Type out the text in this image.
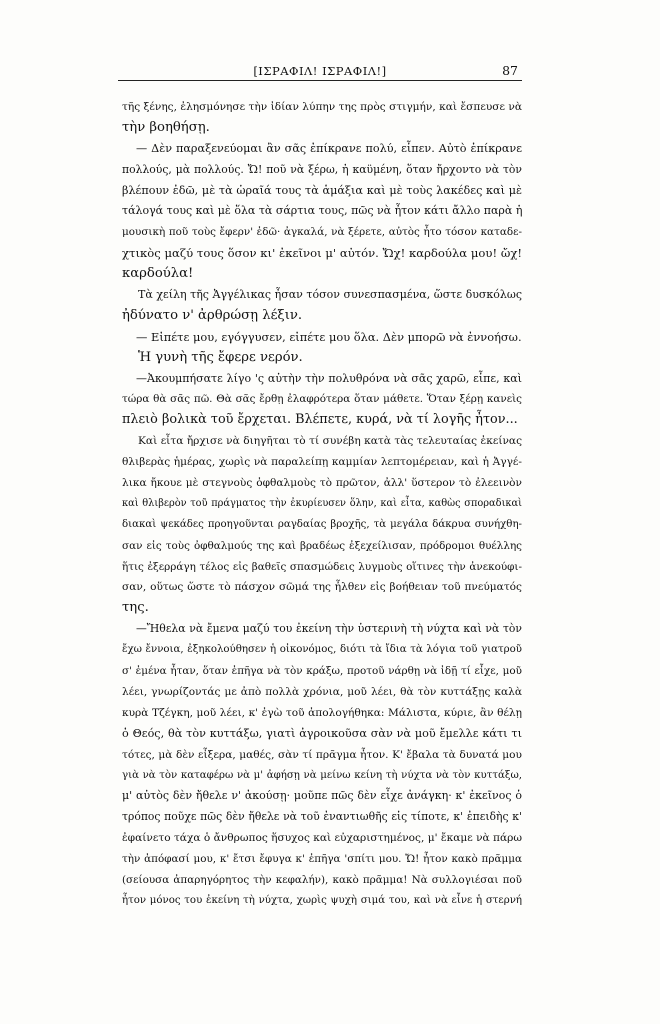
[ΙΣΡΑΦΙΛ! ΙΣΡΑΦΙΛ!]	87
τῆς ξένης, ἐλησμόνησε τὴν ἰδίαν λύπην της πρὸς στιγμήν, καὶ ἔσπευσε νὰ
τὴν βοηθήσῃ.
— Δὲν παραξενεύομαι ἂν σᾶς ἐπίκρανε πολύ, εἶπεν. Αὐτὸ ἐπίκρανε
πολλούς, μὰ πολλούς. Ὤ! ποῦ νὰ ξέρω, ἡ καϋμένη, ὅταν ἤρχοντο νὰ τὸν
βλέπουν ἐδῶ, μὲ τὰ ὡραῖά τους τὰ ἁμάξια καὶ μὲ τοὺς λακέδες καὶ μὲ
τάλογά τους καὶ μὲ ὅλα τὰ σάρτια τους, πῶς νὰ ἦτον κάτι ἄλλο παρὰ ἡ
μουσικὴ ποῦ τοὺς ἔφερν' ἐδῶ· ἀγκαλά, νὰ ξέρετε, αὐτὸς ἦτο τόσον καταδε-
χτικὸς μαζύ τους ὅσον κι' ἐκεῖνοι μ' αὐτόν. Ὤχ! καρδούλα μου! ὤχ!
καρδούλα!
Τὰ χείλη τῆς Ἀγγέλικας ἦσαν τόσον συνεσπασμένα, ὥστε δυσκόλως
ἠδύνατο ν' ἀρθρώσῃ λέξιν.
— Εἰπέτε μου, εγόγγυσεν, εἰπέτε μου ὅλα. Δὲν μπορῶ νὰ ἐννοήσω.
Ἡ γυνὴ τῆς ἔφερε νερόν.
—Ἀκουμπήσατε λίγο 'ς αὐτὴν τὴν πολυθρόνα νὰ σᾶς χαρῶ, εἶπε, καὶ
τώρα θὰ σᾶς πῶ. Θὰ σᾶς ἔρθῃ ἐλαφρότερα ὅταν μάθετε. Ὅταν ξέρῃ κανεὶς
πλειὸ βολικὰ τοῦ ἔρχεται. Βλέπετε, κυρά, νὰ τί λογῆς ἦτον...
Καὶ εἶτα ἤρχισε νὰ διηγῆται τὸ τί συνέβη κατὰ τὰς τελευταίας ἐκείνας
θλιβερὰς ἡμέρας, χωρὶς νὰ παραλείπῃ καμμίαν λεπτομέρειαν, καὶ ἡ Ἀγγέ-
λικα ἤκουε μὲ στεγνοὺς ὀφθαλμοὺς τὸ πρῶτον, ἀλλ' ὕστερον τὸ ἐλεεινὸν
καὶ θλιβερὸν τοῦ πράγματος τὴν ἐκυρίευσεν ὅλην, καὶ εἶτα, καθὼς σποραδικαὶ
διακαὶ ψεκάδες προηγοῦνται ραγδαίας βροχῆς, τὰ μεγάλα δάκρυα συνήχθη-
σαν εἰς τοὺς ὀφθαλμούς της καὶ βραδέως ἐξεχείλισαν, πρόδρομοι θυέλλης
ἥτις ἐξερράγη τέλος εἰς βαθεῖς σπασμώδεις λυγμοὺς οἵτινες τὴν ἀνεκούφι-
σαν, οὕτως ὥστε τὸ πάσχον σῶμά της ἦλθεν εἰς βοήθειαν τοῦ πνεύματός
της.
—Ἤθελα νὰ ἔμενα μαζύ του ἐκείνη τὴν ὑστερινὴ τὴ νύχτα καὶ νὰ τὸν
ἔχω ἔννοια, ἐξηκολούθησεν ἡ οἰκονόμος, διότι τὰ ἴδια τὰ λόγια τοῦ γιατροῦ
σ' ἐμένα ἦταν, ὅταν ἐπῆγα νὰ τὸν κράξω, προτοῦ νάρθῃ νὰ ἰδῇ τί εἶχε, μοῦ
λέει, γνωρίζοντάς με ἀπὸ πολλὰ χρόνια, μοῦ λέει, θὰ τὸν κυττάξῃς καλὰ
κυρὰ Τζέγκη, μοῦ λέει, κ' ἐγὼ τοῦ ἀπολογήθηκα: Μάλιστα, κύριε, ἂν θέλῃ
ὁ Θεός, θὰ τὸν κυττάξω, γιατὶ ἀγροικοῦσα σὰν νὰ μοῦ ἔμελλε κάτι τι
τότες, μὰ δὲν εἶξερα, μαθές, σὰν τί πρᾶγμα ἦτον. Κ' ἔβαλα τὰ δυνατά μου
γιὰ νὰ τὸν καταφέρω νὰ μ' ἀφήσῃ νὰ μείνω κείνη τὴ νύχτα νὰ τὸν κυττάξω,
μ' αὐτὸς δὲν ἤθελε ν' ἀκούσῃ· μοῦπε πῶς δὲν εἶχε ἀνάγκη· κ' ἐκεῖνος ὁ
τρόπος ποῦχε πῶς δὲν ἤθελε νὰ τοῦ ἐναντιωθῆς εἰς τίποτε, κ' ἐπειδὴς κ'
ἐφαίνετο τάχα ὁ ἄνθρωπος ἥσυχος καὶ εὐχαριστημένος, μ' ἔκαμε νὰ πάρω
τὴν ἀπόφασί μου, κ' ἔτσι ἔφυγα κ' ἐπῆγα 'σπίτι μου. Ὤ! ἦτον κακὸ πρᾶμμα
(σείουσα ἀπαρηγόρητος τὴν κεφαλήν), κακὸ πρᾶμμα! Νὰ συλλογιέσαι ποῦ
ἦτον μόνος του ἐκείνη τὴ νύχτα, χωρὶς ψυχὴ σιμά του, καὶ νὰ εἶνε ἡ στερνή
